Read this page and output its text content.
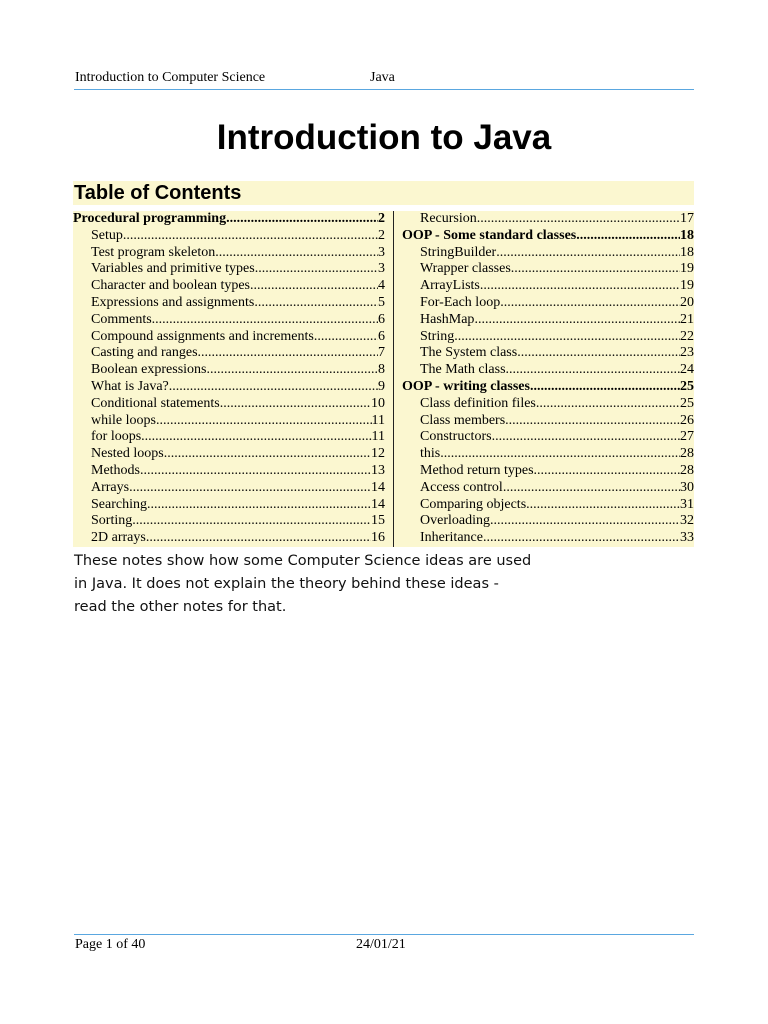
Introduction to Computer Science	Java
Introduction to Java
Table of Contents
Procedural programming .....	2
Setup .....	2
Test program skeleton .....	3
Variables and primitive types .....	3
Character and boolean types .....	4
Expressions and assignments .....	5
Comments .....	6
Compound assignments and increments .....	6
Casting and ranges .....	7
Boolean expressions .....	8
What is Java? .....	9
Conditional statements .....	10
while loops .....	11
for loops .....	11
Nested loops .....	12
Methods .....	13
Arrays .....	14
Searching .....	14
Sorting .....	15
2D arrays .....	16
Recursion .....	17
OOP - Some standard classes .....	18
StringBuilder .....	18
Wrapper classes .....	19
ArrayLists .....	19
For-Each loop .....	20
HashMap .....	21
String .....	22
The System class .....	23
The Math class .....	24
OOP - writing classes .....	25
Class definition files .....	25
Class members .....	26
Constructors .....	27
this .....	28
Method return types .....	28
Access control .....	30
Comparing objects .....	31
Overloading .....	32
Inheritance .....	33
These notes show how some Computer Science ideas are used in Java. It does not explain the theory behind these ideas - read the other notes for that.
Page 1 of 40	24/01/21
